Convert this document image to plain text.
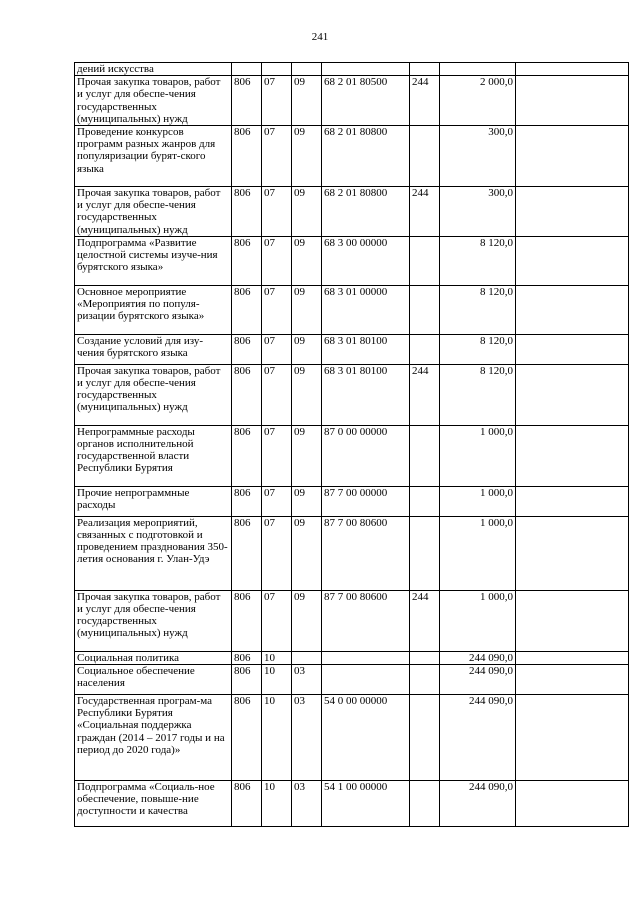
241
дений искусства							
Прочая закупка товаров, работ и услуг для обеспе-чения государственных (муниципальных) нужд	806	07	09	68 2 01 80500	244	2 000,0	
Проведение конкурсов программ разных жанров для популяризации бурят-ского языка	806	07	09	68 2 01 80800		300,0	
Прочая закупка товаров, работ и услуг для обеспе-чения государственных (муниципальных) нужд	806	07	09	68 2 01 80800	244	300,0	
Подпрограмма «Развитие целостной системы изуче-ния бурятского языка»	806	07	09	68 3 00 00000		8 120,0	
Основное мероприятие «Мероприятия по популя-ризации бурятского языка»	806	07	09	68 3 01 00000		8 120,0	
Создание условий для изу-чения бурятского языка	806	07	09	68 3 01 80100		8 120,0	
Прочая закупка товаров, работ и услуг для обеспе-чения государственных (муниципальных) нужд	806	07	09	68 3 01 80100	244	8 120,0	
Непрограммные расходы органов исполнительной государственной власти Республики Бурятия	806	07	09	87 0 00 00000		1 000,0	
Прочие непрограммные расходы	806	07	09	87 7 00 00000		1 000,0	
Реализация мероприятий, связанных с подготовкой и проведением празднования 350-летия основания г. Улан-Удэ	806	07	09	87 7 00 80600		1 000,0	
Прочая закупка товаров, работ и услуг для обеспе-чения государственных (муниципальных) нужд	806	07	09	87 7 00 80600	244	1 000,0	
Социальная политика	806	10				244 090,0	
Социальное обеспечение населения	806	10	03			244 090,0	
Государственная програм-ма Республики Бурятия «Социальная поддержка граждан (2014 – 2017 годы и на период до 2020 года)»	806	10	03	54 0 00 00000		244 090,0	
Подпрограмма «Социаль-ное обеспечение, повыше-ние доступности и качества	806	10	03	54 1 00 00000		244 090,0	
